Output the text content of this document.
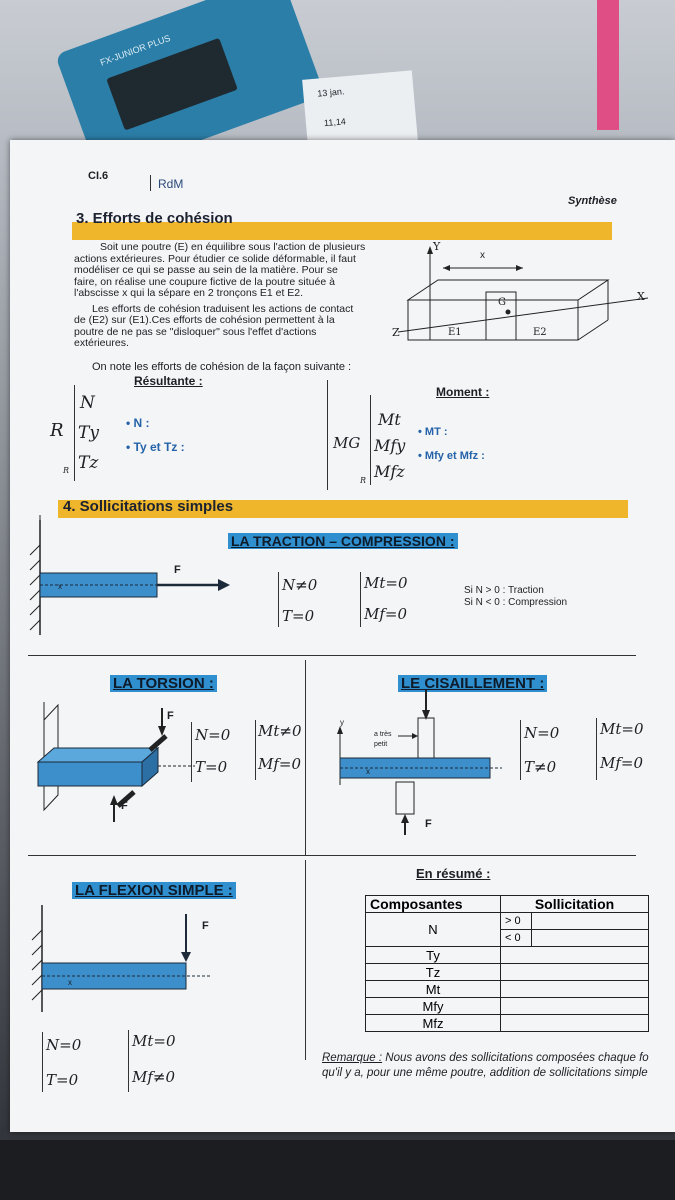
FX-JUNIOR PLUS
13 jan.
11,14
CI.6
RdM
Synthèse
3. Efforts de cohésion
Soit une poutre (E) en équilibre sous l'action de plusieurs
actions extérieures. Pour étudier ce solide déformable, il faut
modéliser ce qui se passe au sein de la matière. Pour se
faire, on réalise une coupure fictive de la poutre située à
l'abscisse x qui la sépare en 2 tronçons E1 et E2.
Les efforts de cohésion traduisent les actions de contact
de (E2) sur (E1).Ces efforts de cohésion permettent à la
poutre de ne pas se "disloquer" sous l'effet d'actions
extérieures.
Y
x
X
Z
G
E1	E2
On note les efforts de cohésion de la façon suivante :
Résultante :
R
R
N
Ty
Tz
• N :
• Ty et Tz :
Moment :
MG
R
Mt
Mfy
Mfz
• MT :
• Mfy et Mfz :
4. Sollicitations simples
LA TRACTION – COMPRESSION :
F
x	N≠0
T=0
Mt=0
Mf=0
Si N > 0 : Traction
Si N < 0 : Compression
LA TORSION :
F
F
N=0
T=0
Mt≠0
Mf=0
LE CISAILLEMENT :
y
x
a très
petit
F
N=0
T≠0
Mt=0
Mf=0
LA FLEXION SIMPLE :
F
x
N=0
T=0
Mt=0
Mf≠0
En résumé :
Composantes	Sollicitation	
N	> 0	
	< 0	
Ty		
Tz		
Mt		
Mfy		
Mfz		
Remarque : Nous avons des sollicitations composées chaque fo
qu'il y a, pour une même poutre, addition de sollicitations simple
